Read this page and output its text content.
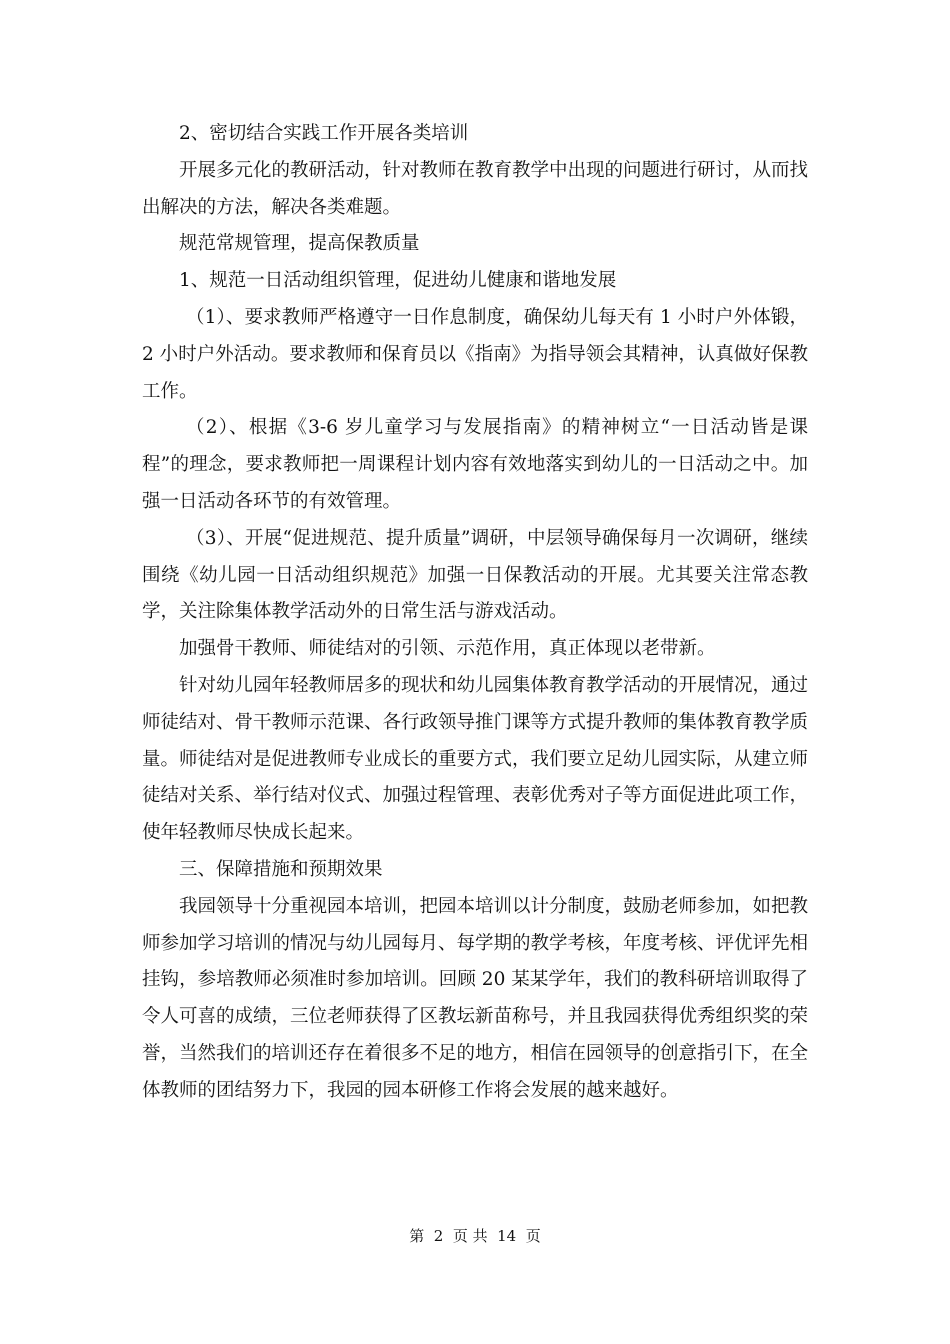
2、密切结合实践工作开展各类培训

开展多元化的教研活动，针对教师在教育教学中出现的问题进行研讨，从而找出解决的方法，解决各类难题。

规范常规管理，提高保教质量

1、规范一日活动组织管理，促进幼儿健康和谐地发展

（1）、要求教师严格遵守一日作息制度，确保幼儿每天有 1 小时户外体锻，2 小时户外活动。要求教师和保育员以《指南》为指导领会其精神，认真做好保教工作。

（2）、根据《3-6 岁儿童学习与发展指南》的精神树立“一日活动皆是课程”的理念，要求教师把一周课程计划内容有效地落实到幼儿的一日活动之中。加强一日活动各环节的有效管理。

（3）、开展“促进规范、提升质量”调研，中层领导确保每月一次调研，继续围绕《幼儿园一日活动组织规范》加强一日保教活动的开展。尤其要关注常态教学，关注除集体教学活动外的日常生活与游戏活动。

加强骨干教师、师徒结对的引领、示范作用，真正体现以老带新。

针对幼儿园年轻教师居多的现状和幼儿园集体教育教学活动的开展情况，通过师徒结对、骨干教师示范课、各行政领导推门课等方式提升教师的集体教育教学质量。师徒结对是促进教师专业成长的重要方式，我们要立足幼儿园实际，从建立师徒结对关系、举行结对仪式、加强过程管理、表彰优秀对子等方面促进此项工作，使年轻教师尽快成长起来。

三、保障措施和预期效果

我园领导十分重视园本培训，把园本培训以计分制度，鼓励老师参加，如把教师参加学习培训的情况与幼儿园每月、每学期的教学考核，年度考核、评优评先相挂钩，参培教师必须准时参加培训。回顾 20 某某学年，我们的教科研培训取得了令人可喜的成绩，三位老师获得了区教坛新苗称号，并且我园获得优秀组织奖的荣誉，当然我们的培训还存在着很多不足的地方，相信在园领导的创意指引下，在全体教师的团结努力下，我园的园本研修工作将会发展的越来越好。

第  2  页 共  14  页
